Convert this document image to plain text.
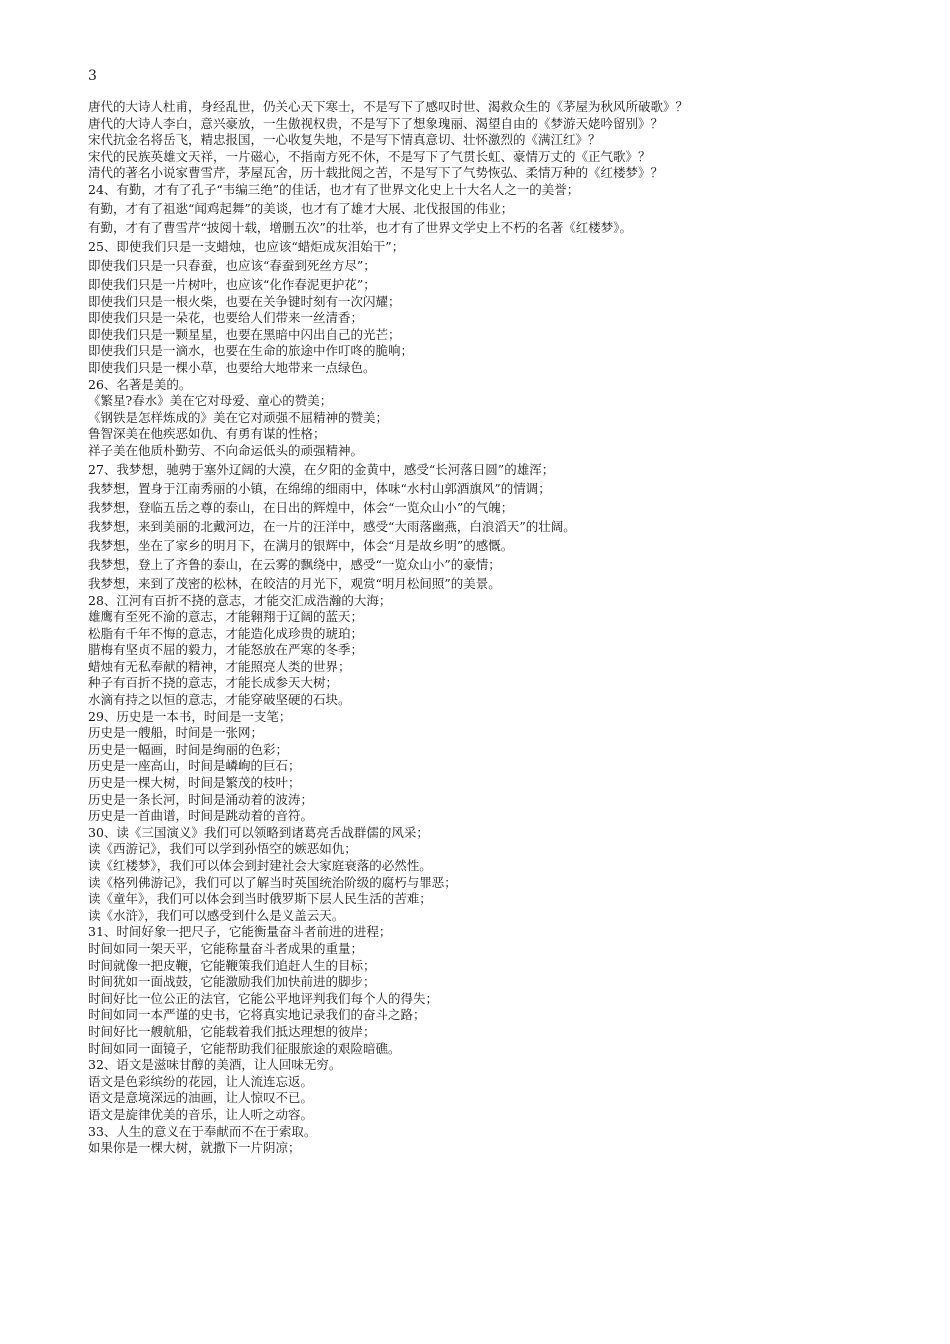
3
唐代的大诗人杜甫，身经乱世，仍关心天下寒士，不是写下了感叹时世、渴救众生的《茅屋为秋风所破歌》？
唐代的大诗人李白，意兴豪放，一生傲视权贵，不是写下了想象瑰丽、渴望自由的《梦游天姥吟留别》？
宋代抗金名将岳飞，精忠报国，一心收复失地，不是写下情真意切、壮怀激烈的《满江红》？
宋代的民族英雄文天祥，一片磁心，不指南方死不休，不是写下了气贯长虹、豪情万丈的《正气歌》？
清代的著名小说家曹雪芹，茅屋瓦舍，历十载批阅之苦，不是写下了气势恢弘、柔情万种的《红楼梦》？
24、有勤，才有了孔子“韦编三绝”的佳话，也才有了世界文化史上十大名人之一的美誉；
有勤，才有了祖逖“闻鸡起舞”的美谈，也才有了雄才大展、北伐报国的伟业；
有勤，才有了曹雪芹“披阅十载，增删五次”的壮举，也才有了世界文学史上不朽的名著《红楼梦》。
25、即使我们只是一支蜡烛，也应该“蜡炬成灰泪始干”；
即使我们只是一只春蚕，也应该“春蚕到死丝方尽”；
即使我们只是一片树叶，也应该“化作春泥更护花”；
即使我们只是一根火柴，也要在关争键时刻有一次闪耀；
即使我们只是一朵花，也要给人们带来一丝清香；
即使我们只是一颗星星，也要在黑暗中闪出自己的光芒；
即使我们只是一滴水，也要在生命的旅途中作叮咚的脆响；
即使我们只是一棵小草，也要给大地带来一点绿色。
26、名著是美的。
《繁星?春水》美在它对母爱、童心的赞美；
《钢铁是怎样炼成的》美在它对顽强不屈精神的赞美；
鲁智深美在他疾恶如仇、有勇有谋的性格；
祥子美在他质朴勤劳、不向命运低头的顽强精神。
27、我梦想，驰骋于塞外辽阔的大漠，在夕阳的金黄中，感受“长河落日圆”的雄浑；
我梦想，置身于江南秀丽的小镇，在绵绵的细雨中，体味“水村山郭酒旗风”的情调；
我梦想，登临五岳之尊的泰山，在日出的辉煌中，体会“一览众山小”的气魄；
我梦想，来到美丽的北戴河边，在一片的汪洋中，感受“大雨落幽燕，白浪滔天”的壮阔。
我梦想，坐在了家乡的明月下，在满月的银辉中，体会“月是故乡明”的感慨。
我梦想，登上了齐鲁的泰山，在云雾的飘绕中，感受“一览众山小”的豪情；
我梦想，来到了茂密的松林，在皎洁的月光下，观赏“明月松间照”的美景。
28、江河有百折不挠的意志，才能交汇成浩瀚的大海；
雄鹰有至死不渝的意志，才能翱翔于辽阔的蓝天；
松脂有千年不悔的意志，才能造化成珍贵的琥珀；
腊梅有坚贞不屈的毅力，才能怒放在严寒的冬季；
蜡烛有无私奉献的精神，才能照亮人类的世界；
种子有百折不挠的意志，才能长成参天大树；
水滴有持之以恒的意志，才能穿破坚硬的石块。
29、历史是一本书，时间是一支笔；
历史是一艘船，时间是一张网；
历史是一幅画，时间是绚丽的色彩；
历史是一座高山，时间是嶙峋的巨石；
历史是一棵大树，时间是繁茂的枝叶；
历史是一条长河，时间是涌动着的波涛；
历史是一首曲谱，时间是跳动着的音符。
30、读《三国演义》我们可以领略到诸葛亮舌战群儒的风采；
读《西游记》，我们可以学到孙悟空的嫉恶如仇；
读《红楼梦》，我们可以体会到封建社会大家庭衰落的必然性。
读《格列佛游记》，我们可以了解当时英国统治阶级的腐朽与罪恶；
读《童年》，我们可以体会到当时俄罗斯下层人民生活的苦难；
读《水浒》，我们可以感受到什么是义盖云天。
31、时间好象一把尺子，它能衡量奋斗者前进的进程；
时间如同一架天平，它能称量奋斗者成果的重量；
时间就像一把皮鞭，它能鞭策我们追赶人生的目标；
时间犹如一面战鼓，它能激励我们加快前进的脚步；
时间好比一位公正的法官，它能公平地评判我们每个人的得失；
时间如同一本严谨的史书，它将真实地记录我们的奋斗之路；
时间好比一艘航船，它能载着我们抵达理想的彼岸；
时间如同一面镜子，它能帮助我们征服旅途的艰险暗礁。
32、语文是滋味甘醇的美酒，让人回味无穷。
语文是色彩缤纷的花园，让人流连忘返。
语文是意境深远的油画，让人惊叹不已。
语文是旋律优美的音乐，让人听之动容。
33、人生的意义在于奉献而不在于索取。
如果你是一棵大树，就撒下一片阴凉；
